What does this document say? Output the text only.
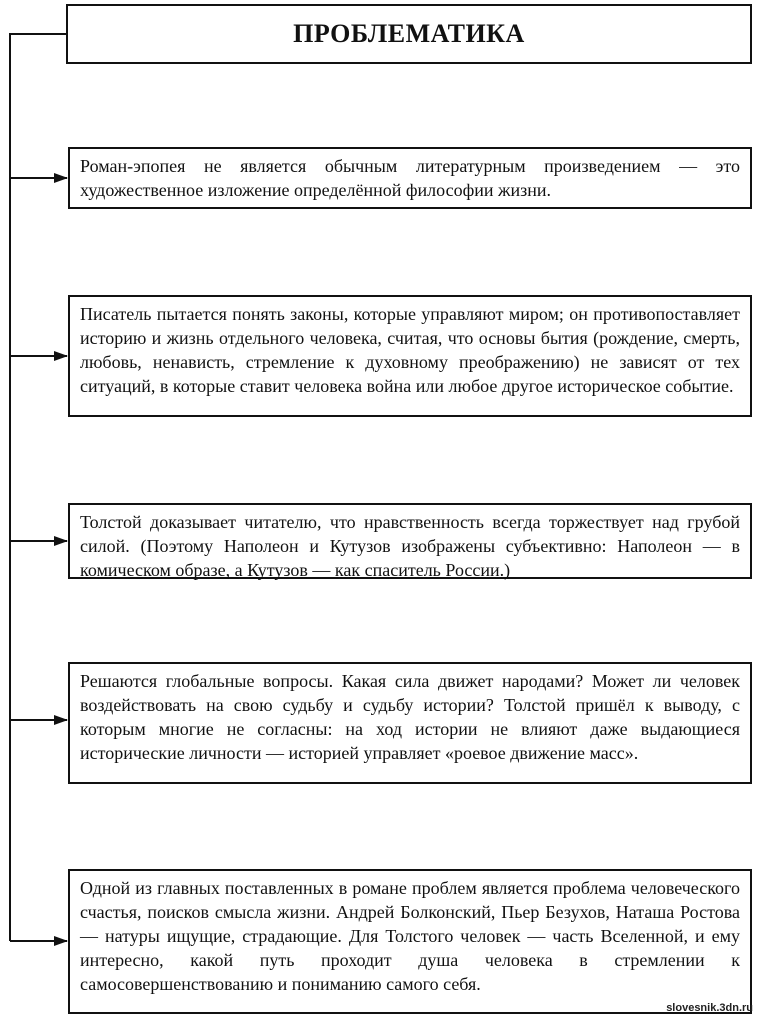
ПРОБЛЕМАТИКА
Роман-эпопея не является обычным литературным произведением — это художественное изложение определённой философии жизни.
Писатель пытается понять законы, которые управляют миром; он противопоставляет историю и жизнь отдельного человека, считая, что основы бытия (рождение, смерть, любовь, ненависть, стремление к духовному преображению) не зависят от тех ситуаций, в которые ставит человека война или любое другое историческое событие.
Толстой доказывает читателю, что нравственность всегда торжествует над грубой силой. (Поэтому Наполеон и Кутузов изображены субъективно: Наполеон — в комическом образе, а Кутузов — как спаситель России.)
Решаются глобальные вопросы. Какая сила движет народами? Может ли человек воздействовать на свою судьбу и судьбу истории? Толстой пришёл к выводу, с которым многие не согласны: на ход истории не влияют даже выдающиеся исторические личности — историей управляет «роевое движение масс».
Одной из главных поставленных в романе проблем является проблема человеческого счастья, поисков смысла жизни. Андрей Болконский, Пьер Безухов, Наташа Ростова — натуры ищущие, страдающие. Для Толстого человек — часть Вселенной, и ему интересно, какой путь проходит душа человека в стремлении к самосовершенствованию и пониманию самого себя.
slovesnik.3dn.ru
